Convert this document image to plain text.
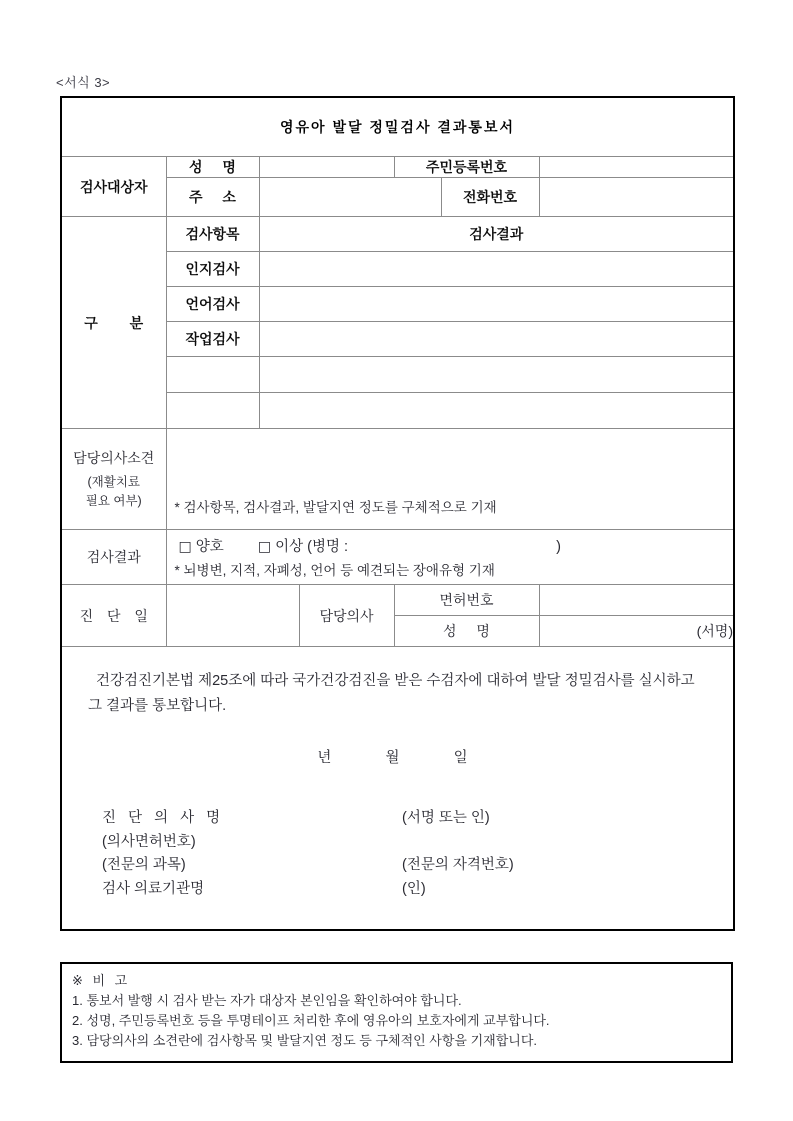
<서식 3>
영유아 발달 정밀검사 결과통보서						
검사대상자	성 명			주민등록번호		
	주 소				전화번호	
구 분	검사항목	검사결과				
	인지검사					
	언어검사					
	작업검사					

담당의사소견
(재활치료
필요 여부)	* 검사항목, 검사결과, 발달지연 정도를 구체적으로 기재					

검사결과	□ 양호 □ 이상 (병명 : )
* 뇌병변, 지적, 자폐성, 언어 등 예견되는 장애유형 기재					

진 단 일			담당의사	면허번호		
				성 명		(서명)

건강검진기본법 제25조에 따라 국가건강검진을 받은 수검자에 대하여 발달 정밀검사를 실시하고 그 결과를 통보합니다.

년	월	일
진 단 의 사 명	(서명 또는 인)
(의사면허번호)
(전문의 과목)	(전문의 자격번호)
검사 의료기관명	(인)
※ 비 고
1. 통보서 발행 시 검사 받는 자가 대상자 본인임을 확인하여야 합니다.
2. 성명, 주민등록번호 등을 투명테이프 처리한 후에 영유아의 보호자에게 교부합니다.
3. 담당의사의 소견란에 검사항목 및 발달지연 정도 등 구체적인 사항을 기재합니다.
